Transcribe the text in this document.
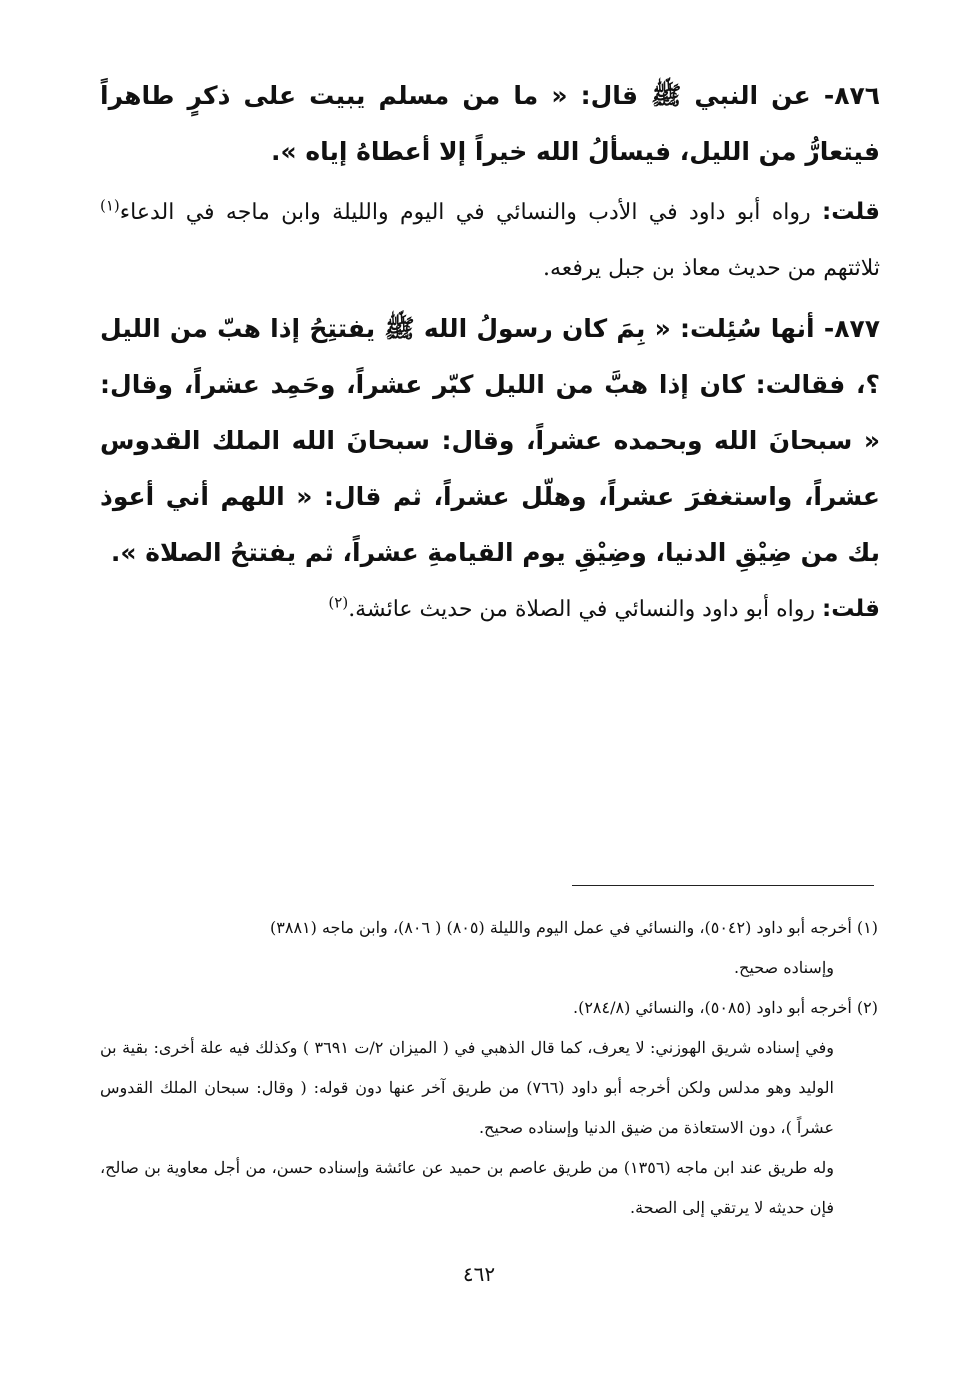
٨٧٦- عن النبي ﷺ قال: « ما من مسلم يبيت على ذكرٍ طاهراً فيتعارُّ من الليل، فيسألُ الله خيراً إلا أعطاهُ إياه ».

قلت: رواه أبو داود في الأدب والنسائي في اليوم والليلة وابن ماجه في الدعاء$^{(١)}$ ثلاثتهم من حديث معاذ بن جبل يرفعه.

٨٧٧- أنها سُئِلت: « بِمَ كان رسولُ الله ﷺ يفتتِحُ إذا هبّ من الليل ؟، فقالت: كان إذا هبَّ من الليل كبّر عشراً، وحَمِد عشراً، وقال: « سبحانَ الله وبحمده عشراً، وقال: سبحانَ الله الملك القدوس عشراً، واستغفرَ عشراً، وهلّل عشراً، ثم قال: « اللهم أني أعوذ بك من ضِيْقِ الدنيا، وضِيْقِ يوم القيامةِ عشراً، ثم يفتتحُ الصلاة ».

قلت: رواه أبو داود والنسائي في الصلاة من حديث عائشة.$^{(٢)}$

(١) أخرجه أبو داود (٥٠٤٢)، والنسائي في عمل اليوم والليلة (٨٠٥) ( ٨٠٦)، وابن ماجه (٣٨٨١)

وإسناده صحيح.

(٢) أخرجه أبو داود (٥٠٨٥)، والنسائي (٢٨٤/٨).

وفي إسناده شريق الهوزني: لا يعرف، كما قال الذهبي في ( الميزان ٢/ت ٣٦٩١ ) وكذلك فيه علة أخرى: بقية بن الوليد وهو مدلس ولكن أخرجه أبو داود (٧٦٦) من طريق آخر عنها دون قوله: ( وقال: سبحان الملك القدوس عشراً )، دون الاستعاذة من ضيق الدنيا وإسناده صحيح.

وله طريق عند ابن ماجه (١٣٥٦) من طريق عاصم بن حميد عن عائشة وإسناده حسن، من أجل معاوية بن صالح، فإن حديثه لا يرتقي إلى الصحة.

٤٦٢
